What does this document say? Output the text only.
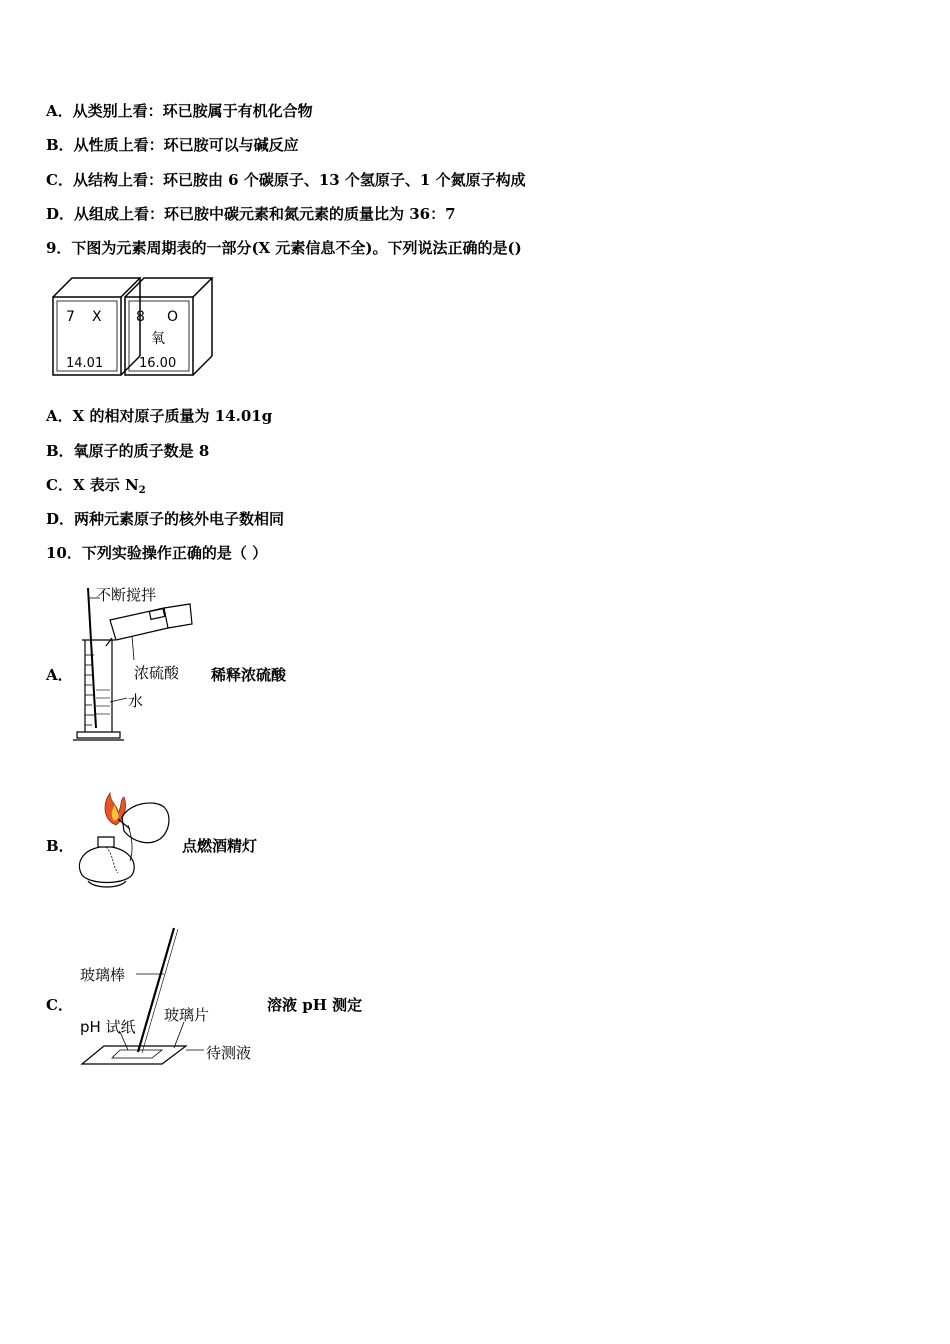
A．从类别上看：环已胺属于有机化合物
B．从性质上看：环已胺可以与碱反应
C．从结构上看：环已胺由 6 个碳原子、13 个氢原子、1 个氮原子构成
D．从组成上看：环已胺中碳元素和氮元素的质量比为 36：7
9．下图为元素周期表的一部分(X 元素信息不全)。下列说法正确的是()
7 X
14.01
8 O
氧
16.00
A．X 的相对原子质量为 14.01g
B．氧原子的质子数是 8
C．X 表示 $N_2$
D．两种元素原子的核外电子数相同
10．下列实验操作正确的是（ ）
A．
不断搅拌
浓硫酸
水
稀释浓硫酸
B．	点燃酒精灯
C．
玻璃棒
pH 试纸
玻璃片
待测液
溶液 pH 测定
